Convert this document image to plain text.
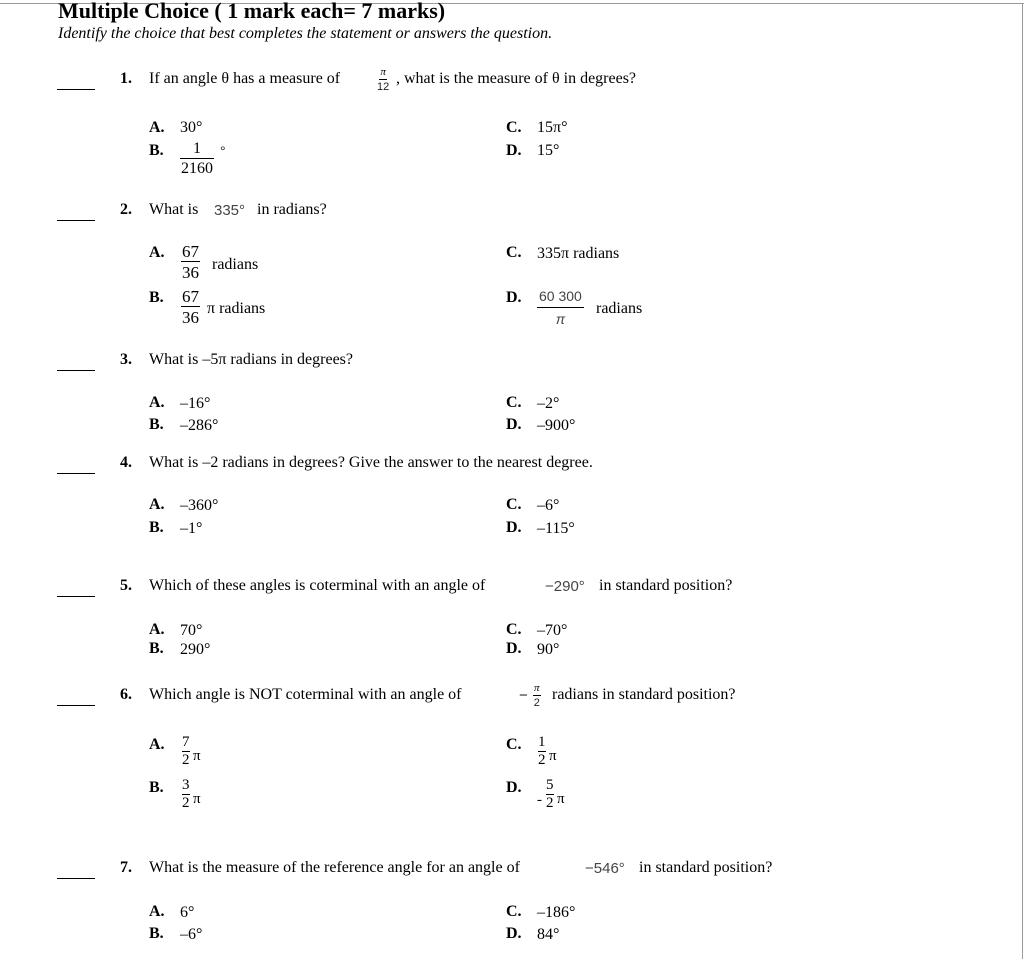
Multiple Choice ( 1 mark each= 7 marks)
Identify the choice that best completes the statement or answers the question.
1. If an angle θ has a measure of	$\frac{\pi}{12}$ , what is the measure of θ in degrees?
A. 30°
B. $\frac{1}{2160}$ °
C. 15π°
D. 15°
2. What is 335° in radians?
A. $\frac{67}{36}$ radians
B. $\frac{67}{36}$ π radians
C. 335π radians
D. $\frac{60 300}{\pi}$ radians
3. What is –5π radians in degrees?
A. –16°
B. –286°
C. –2°
D. –900°
4. What is –2 radians in degrees? Give the answer to the nearest degree.
A. –360°
B. –1°
C. –6°
D. –115°
5. Which of these angles is coterminal with an angle of	−290° in standard position?
A. 70°
B. 290°
C. –70°
D. 90°
6. Which angle is NOT coterminal with an angle of	− $\frac{\pi}{2}$ radians in standard position?
A. $\frac{7}{2}$ π
B. $\frac{3}{2}$ π
C. $\frac{1}{2}$ π
D.
- $\frac{5}{2}$ π
7. What is the measure of the reference angle for an angle of	−546° in standard position?
A. 6°
B. –6°
C. –186°
D. 84°
